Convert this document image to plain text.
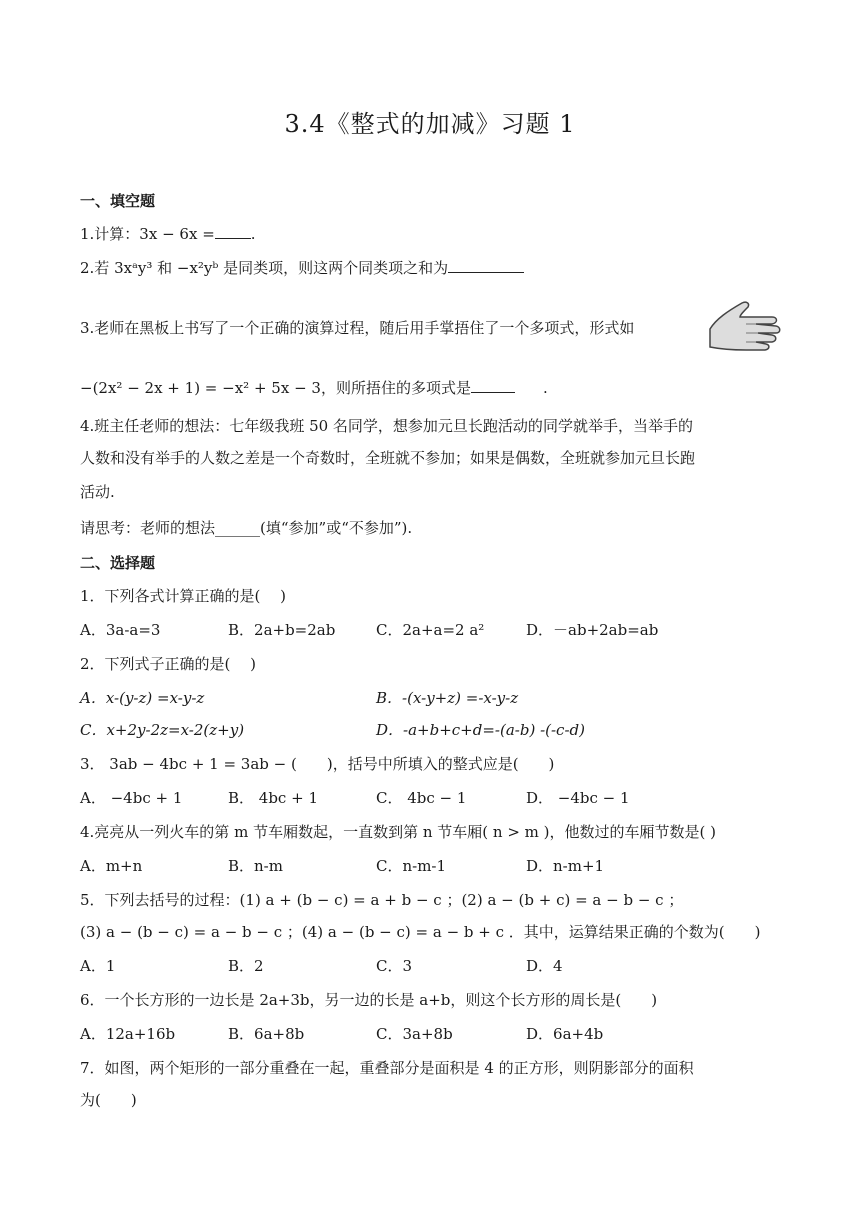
3.4《整式的加减》习题 1
一、填空题
1.计算：3x − 6x = .
2.若 3xᵃy³ 和 −x²yᵇ 是同类项，则这两个同类项之和为
3.老师在黑板上书写了一个正确的演算过程，随后用手掌捂住了一个多项式，形式如
−(2x² − 2x + 1) = −x² + 5x − 3，则所捂住的多项式是	.
4.班主任老师的想法：七年级我班 50 名同学，想参加元旦长跑活动的同学就举手，当举手的
人数和没有举手的人数之差是一个奇数时，全班就不参加；如果是偶数，全班就参加元旦长跑
活动.
请思考：老师的想法______(填“参加”或“不参加”).
二、选择题
1．下列各式计算正确的是(　 )
A．3a-a=3	B．2a+b=2ab	C．2a+a=2 a²	D．－ab+2ab=ab
2．下列式子正确的是(　 )
A．x-(y-z) =x-y-z	B．-(x-y+z) =-x-y-z
C．x+2y-2z=x-2(z+y)	D．-a+b+c+d=-(a-b) -(-c-d)
3． 3ab − 4bc + 1 = 3ab − (　　)，括号中所填入的整式应是(　　)
A． −4bc + 1	B． 4bc + 1	C． 4bc − 1	D． −4bc − 1
4.亮亮从一列火车的第 m 节车厢数起，一直数到第 n 节车厢( n > m )，他数过的车厢节数是( )
A．m+n	B．n-m	C．n-m-1	D．n-m+1
5．下列去括号的过程：(1) a + (b − c) = a + b − c ；(2) a − (b + c) = a − b − c ；
(3) a − (b − c) = a − b − c ；(4) a − (b − c) = a − b + c ．其中，运算结果正确的个数为(　　)
A．1	B．2	C．3	D．4
6．一个长方形的一边长是 2a+3b，另一边的长是 a+b，则这个长方形的周长是(　　)
A．12a+16b	B．6a+8b	C．3a+8b	D．6a+4b
7．如图，两个矩形的一部分重叠在一起，重叠部分是面积是 4 的正方形，则阴影部分的面积
为(　　)
